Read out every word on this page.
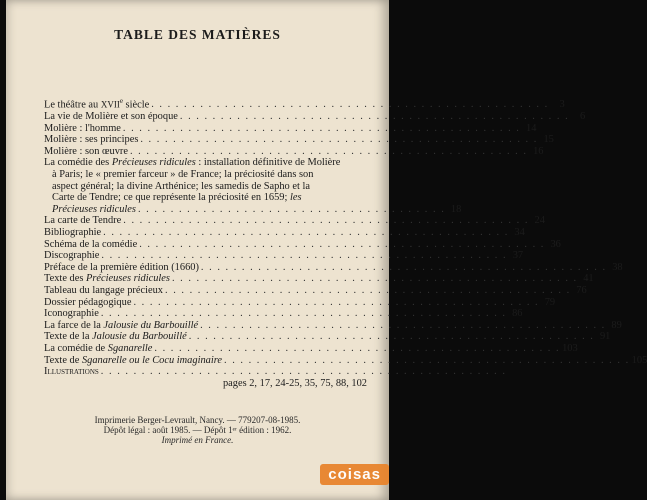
TABLE DES MATIÈRES
Le théâtre au XVIIe siècle . . . . . . . . . . . . . . . . . . . . . . . . . . . . . . . . . . . . . . . . . . . . . . . . .	3
La vie de Molière et son époque . . . . . . . . . . . . . . . . . . . . . . . . . . . . . . . . . . . . . . . . . . . . . . . .	6
Molière : l'homme . . . . . . . . . . . . . . . . . . . . . . . . . . . . . . . . . . . . . . . . . . . . . . . . . 14
Molière : ses principes . . . . . . . . . . . . . . . . . . . . . . . . . . . . . . . . . . . . . . . . . . . . . . . . . 15
Molière : son œuvre . . . . . . . . . . . . . . . . . . . . . . . . . . . . . . . . . . . . . . . . . . . . . . . . . 16
La comédie des Précieuses ridicules : installation définitive de Molière
à Paris; le « premier farceur » de France; la préciosité dans son
aspect général; la divine Arthénice; les samedis de Sapho et la
Carte de Tendre; ce que représente la préciosité en 1659; les
Précieuses ridicules . . . . . . . . . . . . . . . . . . . . . . . . . . . . . . . . . . . . . . 18
La carte de Tendre . . . . . . . . . . . . . . . . . . . . . . . . . . . . . . . . . . . . . . . . . . . . . . . . . . 24
Bibliographie . . . . . . . . . . . . . . . . . . . . . . . . . . . . . . . . . . . . . . . . . . . . . . . . . . 34
Schéma de la comédie . . . . . . . . . . . . . . . . . . . . . . . . . . . . . . . . . . . . . . . . . . . . . . . . . . 36
Discographie . . . . . . . . . . . . . . . . . . . . . . . . . . . . . . . . . . . . . . . . . . . . . . . . . . 37
Préface de la première édition (1660) . . . . . . . . . . . . . . . . . . . . . . . . . . . . . . . . . . . . . . . . . . . . . . . . . . 38
Texte des Précieuses ridicules . . . . . . . . . . . . . . . . . . . . . . . . . . . . . . . . . . . . . . . . . . . . . . . . . . 41
Tableau du langage précieux . . . . . . . . . . . . . . . . . . . . . . . . . . . . . . . . . . . . . . . . . . . . . . . . . . 76
Dossier pédagogique . . . . . . . . . . . . . . . . . . . . . . . . . . . . . . . . . . . . . . . . . . . . . . . . . . 79
Iconographie . . . . . . . . . . . . . . . . . . . . . . . . . . . . . . . . . . . . . . . . . . . . . . . . . . 86
La farce de la Jalousie du Barbouillé . . . . . . . . . . . . . . . . . . . . . . . . . . . . . . . . . . . . . . . . . . . . . . . . . . 89
Texte de la Jalousie du Barbouillé . . . . . . . . . . . . . . . . . . . . . . . . . . . . . . . . . . . . . . . . . . . . . . . . . . 91
La comédie de Sganarelle . . . . . . . . . . . . . . . . . . . . . . . . . . . . . . . . . . . . . . . . . . . . . . . . . . 103
Texte de Sganarelle ou le Cocu imaginaire . . . . . . . . . . . . . . . . . . . . . . . . . . . . . . . . . . . . . . . . . . . . . . . . . . 105
Illustrations . . . . . . . . . . . . . . . . . . . . . . . . . . . . . . . . . . . . . . . . . . . . . . . . . .
pages 2, 17, 24-25, 35, 75, 88, 102
Imprimerie Berger-Levrault, Nancy. — 779207-08-1985.
Dépôt légal : août 1985. — Dépôt 1ᵉʳ édition : 1962.
Imprimé en France.
coisas
